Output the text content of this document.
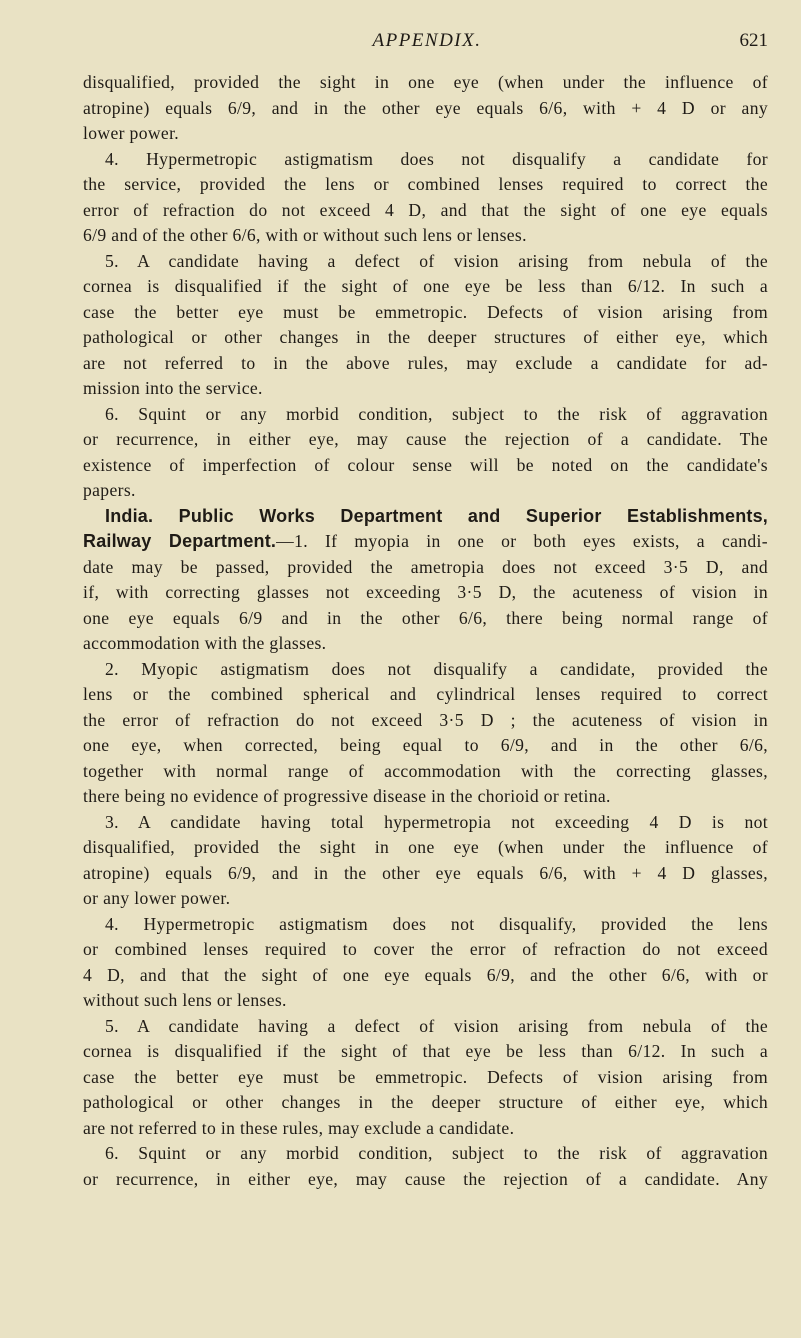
APPENDIX.	621
disqualified, provided the sight in one eye (when under the influence of
atropine) equals 6/9, and in the other eye equals 6/6, with + 4 D or any
lower power.
4. Hypermetropic astigmatism does not disqualify a candidate for
the service, provided the lens or combined lenses required to correct the
error of refraction do not exceed 4 D, and that the sight of one eye equals
6/9 and of the other 6/6, with or without such lens or lenses.
5. A candidate having a defect of vision arising from nebula of the
cornea is disqualified if the sight of one eye be less than 6/12. In such a
case the better eye must be emmetropic. Defects of vision arising from
pathological or other changes in the deeper structures of either eye, which
are not referred to in the above rules, may exclude a candidate for ad-
mission into the service.
6. Squint or any morbid condition, subject to the risk of aggravation
or recurrence, in either eye, may cause the rejection of a candidate. The
existence of imperfection of colour sense will be noted on the candidate's
papers.
India. Public Works Department and Superior Establishments,
Railway Department.—1. If myopia in one or both eyes exists, a candi-
date may be passed, provided the ametropia does not exceed 3·5 D, and
if, with correcting glasses not exceeding 3·5 D, the acuteness of vision in
one eye equals 6/9 and in the other 6/6, there being normal range of
accommodation with the glasses.
2. Myopic astigmatism does not disqualify a candidate, provided the
lens or the combined spherical and cylindrical lenses required to correct
the error of refraction do not exceed 3·5 D ; the acuteness of vision in
one eye, when corrected, being equal to 6/9, and in the other 6/6,
together with normal range of accommodation with the correcting glasses,
there being no evidence of progressive disease in the chorioid or retina.
3. A candidate having total hypermetropia not exceeding 4 D is not
disqualified, provided the sight in one eye (when under the influence of
atropine) equals 6/9, and in the other eye equals 6/6, with + 4 D glasses,
or any lower power.
4. Hypermetropic astigmatism does not disqualify, provided the lens
or combined lenses required to cover the error of refraction do not exceed
4 D, and that the sight of one eye equals 6/9, and the other 6/6, with or
without such lens or lenses.
5. A candidate having a defect of vision arising from nebula of the
cornea is disqualified if the sight of that eye be less than 6/12. In such a
case the better eye must be emmetropic. Defects of vision arising from
pathological or other changes in the deeper structure of either eye, which
are not referred to in these rules, may exclude a candidate.
6. Squint or any morbid condition, subject to the risk of aggravation
or recurrence, in either eye, may cause the rejection of a candidate. Any
